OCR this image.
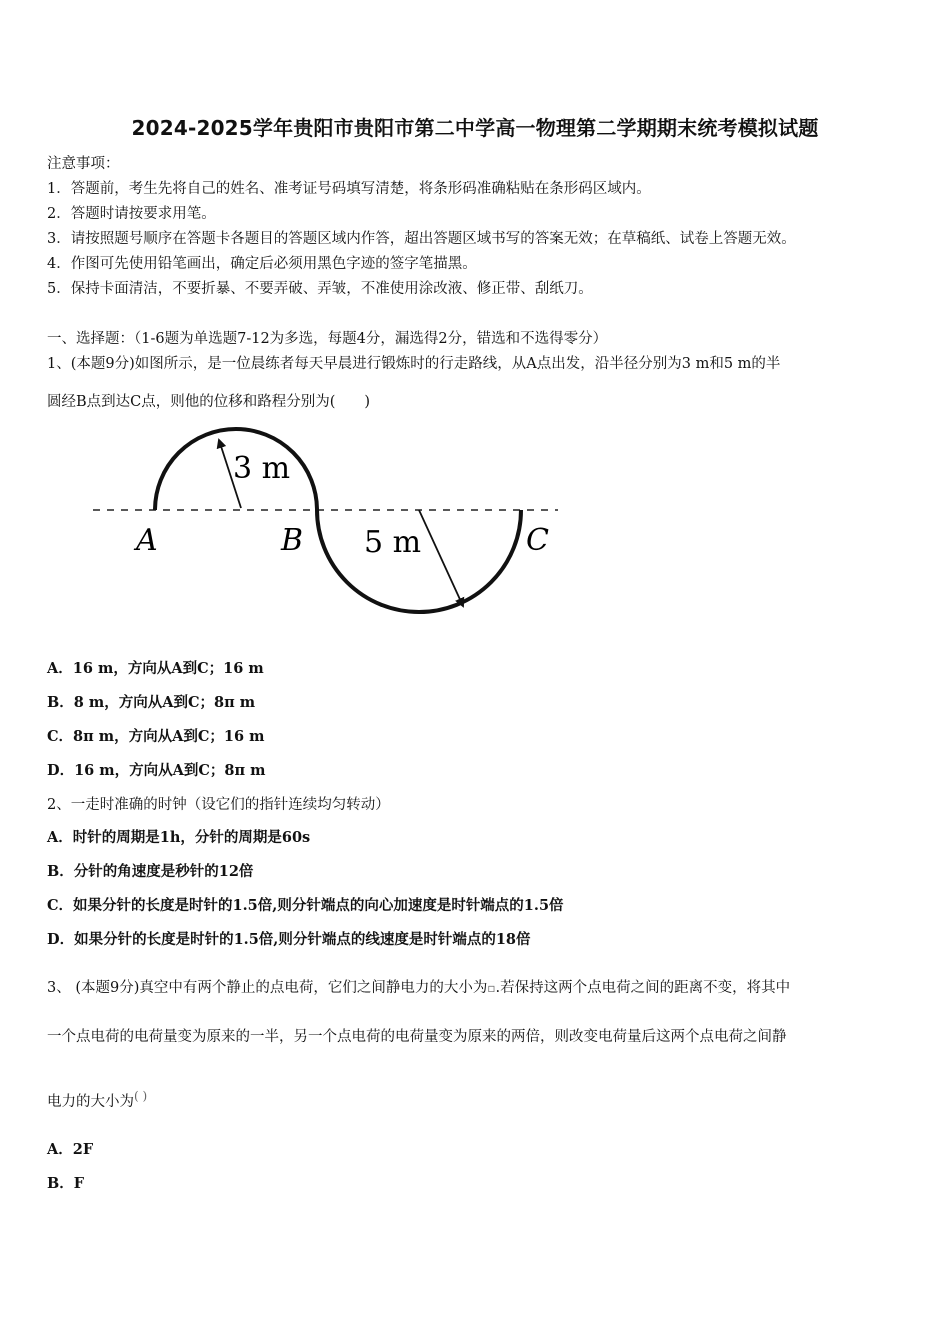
2024-2025学年贵阳市贵阳市第二中学高一物理第二学期期末统考模拟试题
注意事项：
1．答题前，考生先将自己的姓名、准考证号码填写清楚，将条形码准确粘贴在条形码区域内。
2．答题时请按要求用笔。
3．请按照题号顺序在答题卡各题目的答题区域内作答，超出答题区域书写的答案无效；在草稿纸、试卷上答题无效。
4．作图可先使用铅笔画出，确定后必须用黑色字迹的签字笔描黑。
5．保持卡面清洁，不要折暴、不要弄破、弄皱，不准使用涂改液、修正带、刮纸刀。
一、选择题：（1-6题为单选题7-12为多选，每题4分，漏选得2分，错选和不选得零分）
1、(本题9分)如图所示，是一位晨练者每天早晨进行锻炼时的行走路线，从A点出发，沿半径分别为3 m和5 m的半
圆经B点到达C点，则他的位移和路程分别为(　　)
3 m
5 m
A	B	C
A．16 m，方向从A到C；16 m
B．8 m，方向从A到C；8π m
C．8π m，方向从A到C；16 m
D．16 m，方向从A到C；8π m
2、一走时准确的时钟（设它们的指针连续均匀转动）
A．时针的周期是1h，分针的周期是60s
B．分针的角速度是秒针的12倍
C．如果分针的长度是时针的1.5倍,则分针端点的向心加速度是时针端点的1.5倍
D．如果分针的长度是时针的1.5倍,则分针端点的线速度是时针端点的18倍
3、 (本题9分)真空中有两个静止的点电荷，它们之间静电力的大小为▫.若保持这两个点电荷之间的距离不变，将其中
一个点电荷的电荷量变为原来的一半，另一个点电荷的电荷量变为原来的两倍，则改变电荷量后这两个点电荷之间静
电力的大小为( )
A．2F
B．F
